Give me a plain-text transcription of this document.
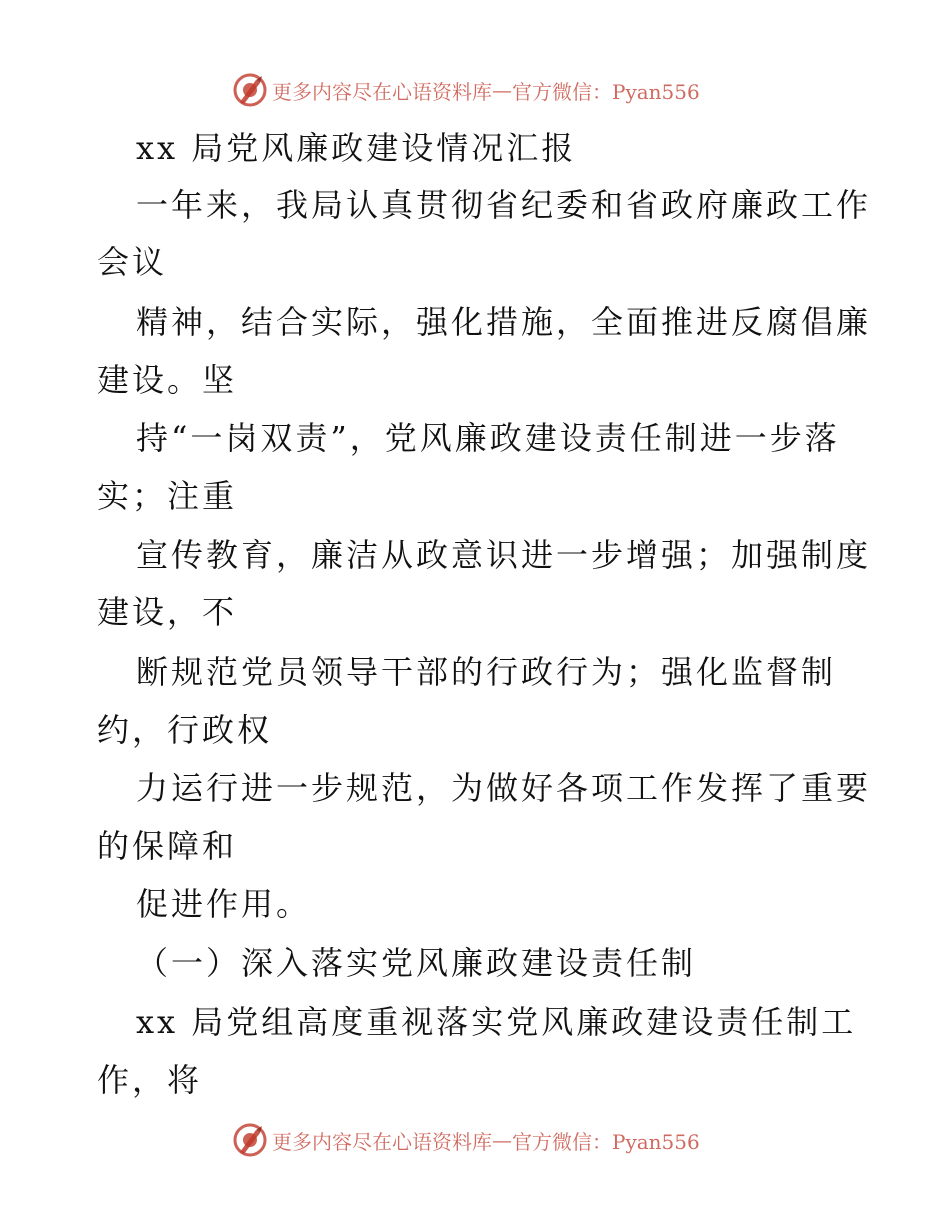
更多内容尽在心语资料库 — 官方微信：Pyan556
xx 局党风廉政建设情况汇报
一年来，我局认真贯彻省纪委和省政府廉政工作
会议
精神，结合实际，强化措施，全面推进反腐倡廉
建设。坚
持“一岗双责”，党风廉政建设责任制进一步落
实；注重
宣传教育，廉洁从政意识进一步增强；加强制度
建设，不
断规范党员领导干部的行政行为；强化监督制
约，行政权
力运行进一步规范，为做好各项工作发挥了重要
的保障和
促进作用。
（一）深入落实党风廉政建设责任制
xx 局党组高度重视落实党风廉政建设责任制工
作，将
更多内容尽在心语资料库 — 官方微信：Pyan556
